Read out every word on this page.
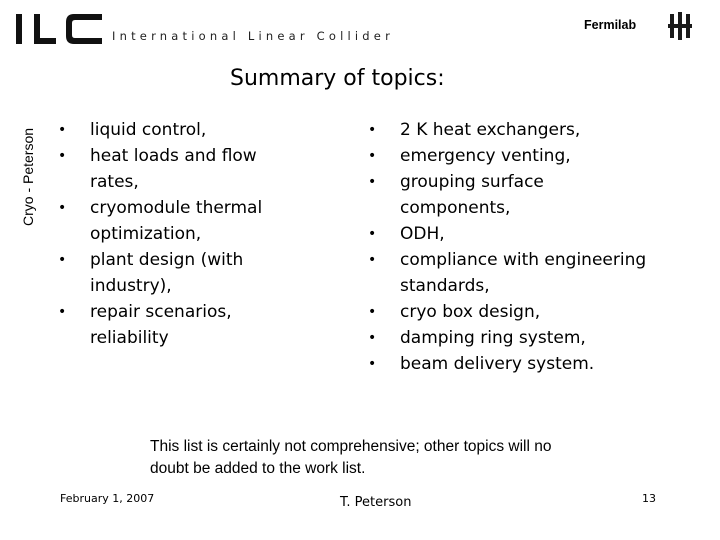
International Linear Collider
Fermilab
Cryo - Peterson
Summary of topics:
• liquid control,
• heat loads and flow rates,
• cryomodule thermal optimization,
• plant design (with industry),
• repair scenarios, reliability
• 2 K heat exchangers,
• emergency venting,
• grouping surface components,
• ODH,
• compliance with engineering standards,
• cryo box design,
• damping ring system,
• beam delivery system.
This list is certainly not comprehensive; other topics will no doubt be added to the work list.
February 1, 2007	T. Peterson	13
